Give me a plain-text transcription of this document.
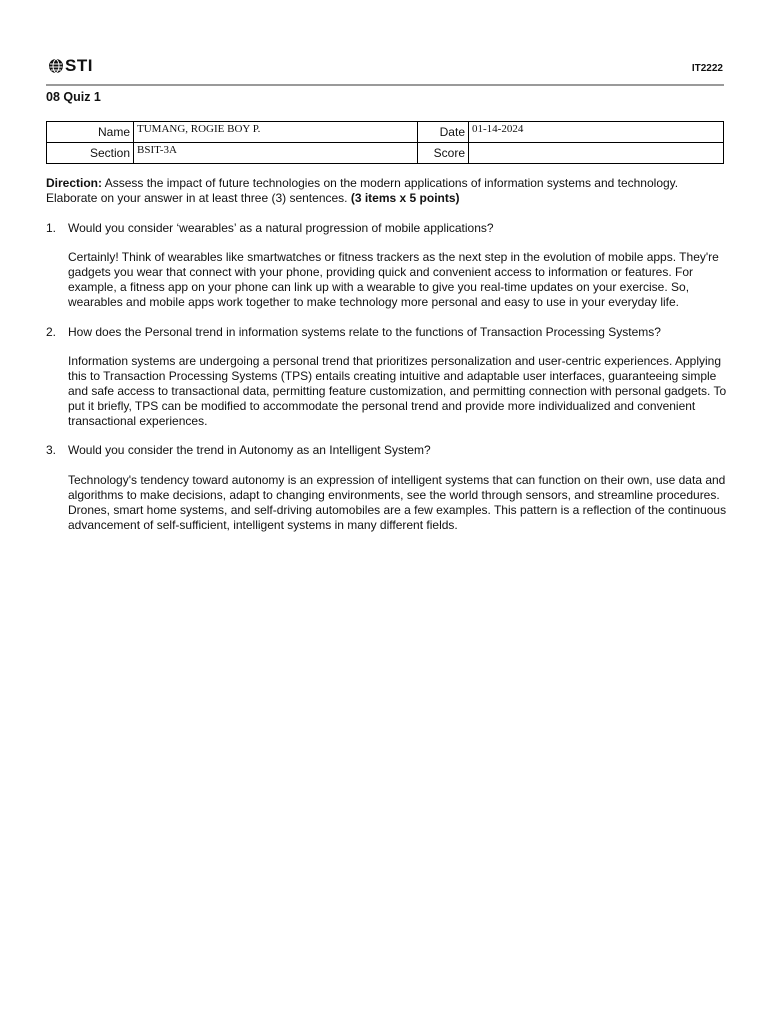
STI	IT2222
08 Quiz 1
Name	TUMANG, ROGIE BOY P.	Date	01-14-2024
Section	BSIT-3A	Score	

Direction: Assess the impact of future technologies on the modern applications of information systems and technology. Elaborate on your answer in at least three (3) sentences. (3 items x 5 points)

1. Would you consider ‘wearables’ as a natural progression of mobile applications?

Certainly! Think of wearables like smartwatches or fitness trackers as the next step in the evolution of mobile apps. They're gadgets you wear that connect with your phone, providing quick and convenient access to information or features. For example, a fitness app on your phone can link up with a wearable to give you real-time updates on your exercise. So, wearables and mobile apps work together to make technology more personal and easy to use in your everyday life.

2. How does the Personal trend in information systems relate to the functions of Transaction Processing Systems?

Information systems are undergoing a personal trend that prioritizes personalization and user-centric experiences. Applying this to Transaction Processing Systems (TPS) entails creating intuitive and adaptable user interfaces, guaranteeing simple and safe access to transactional data, permitting feature customization, and permitting connection with personal gadgets. To put it briefly, TPS can be modified to accommodate the personal trend and provide more individualized and convenient transactional experiences.

3. Would you consider the trend in Autonomy as an Intelligent System?

Technology's tendency toward autonomy is an expression of intelligent systems that can function on their own, use data and algorithms to make decisions, adapt to changing environments, see the world through sensors, and streamline procedures. Drones, smart home systems, and self-driving automobiles are a few examples. This pattern is a reflection of the continuous advancement of self-sufficient, intelligent systems in many different fields.
